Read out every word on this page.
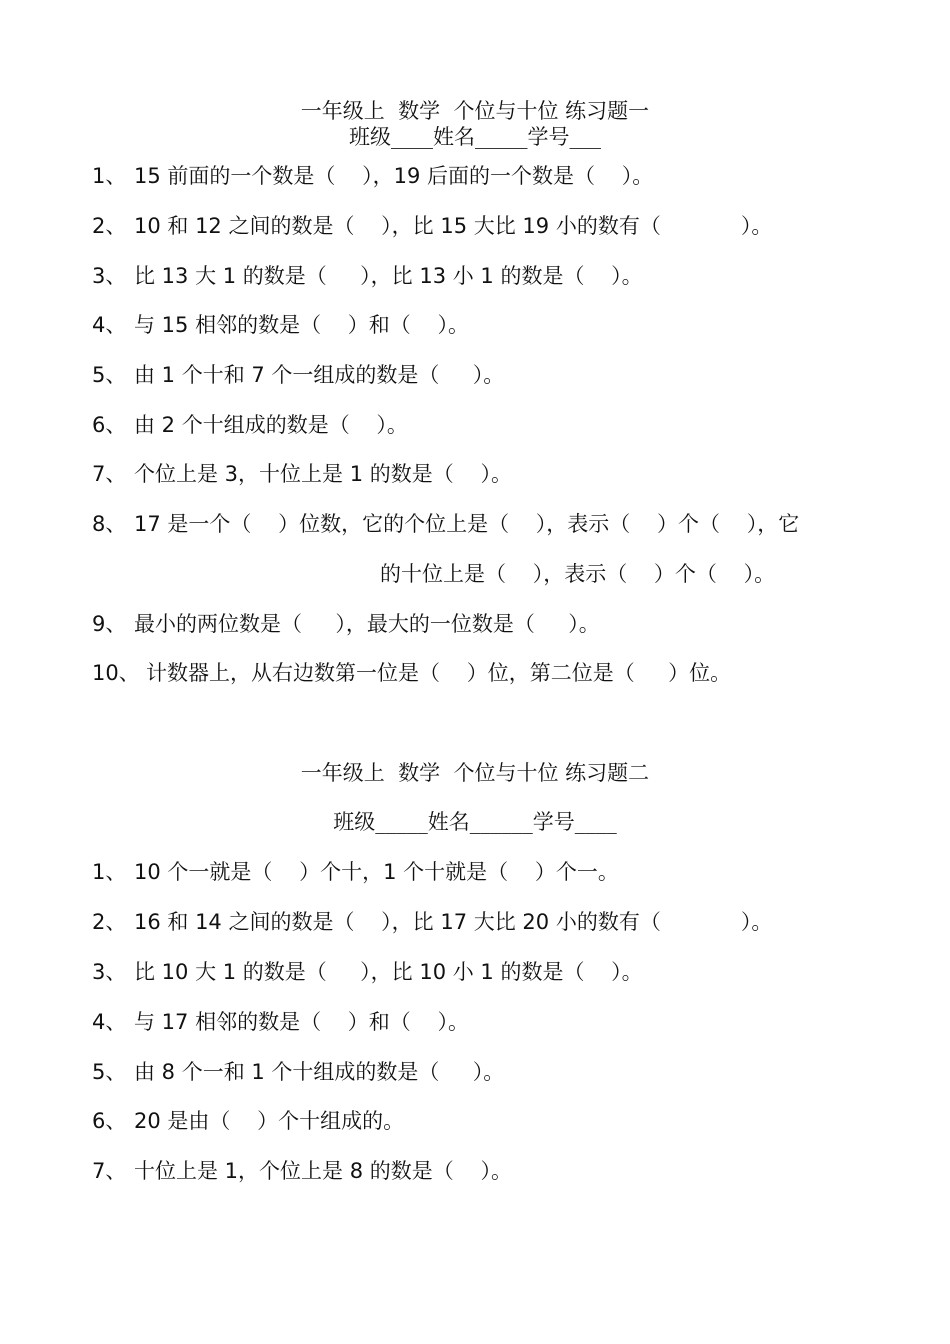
一年级上  数学  个位与十位 练习题一
班级____姓名_____学号___
1、 15 前面的一个数是（    ），19 后面的一个数是（    ）。
2、 10 和 12 之间的数是（    ），比 15 大比 19 小的数有（            ）。
3、 比 13 大 1 的数是（     ），比 13 小 1 的数是（    ）。
4、 与 15 相邻的数是（    ）和（    ）。
5、 由 1 个十和 7 个一组成的数是（     ）。
6、 由 2 个十组成的数是（    ）。
7、 个位上是 3，十位上是 1 的数是（    ）。
8、 17 是一个（    ）位数，它的个位上是（    ），表示（    ）个（    ），它
的十位上是（    ），表示（    ）个（    ）。
9、 最小的两位数是（     ），最大的一位数是（     ）。
10、 计数器上，从右边数第一位是（    ）位，第二位是（     ）位。
一年级上  数学  个位与十位 练习题二
班级_____姓名______学号____
1、 10 个一就是（    ）个十，1 个十就是（    ）个一。
2、 16 和 14 之间的数是（    ），比 17 大比 20 小的数有（            ）。
3、 比 10 大 1 的数是（     ），比 10 小 1 的数是（    ）。
4、 与 17 相邻的数是（    ）和（    ）。
5、 由 8 个一和 1 个十组成的数是（     ）。
6、 20 是由（    ）个十组成的。
7、 十位上是 1，个位上是 8 的数是（    ）。
